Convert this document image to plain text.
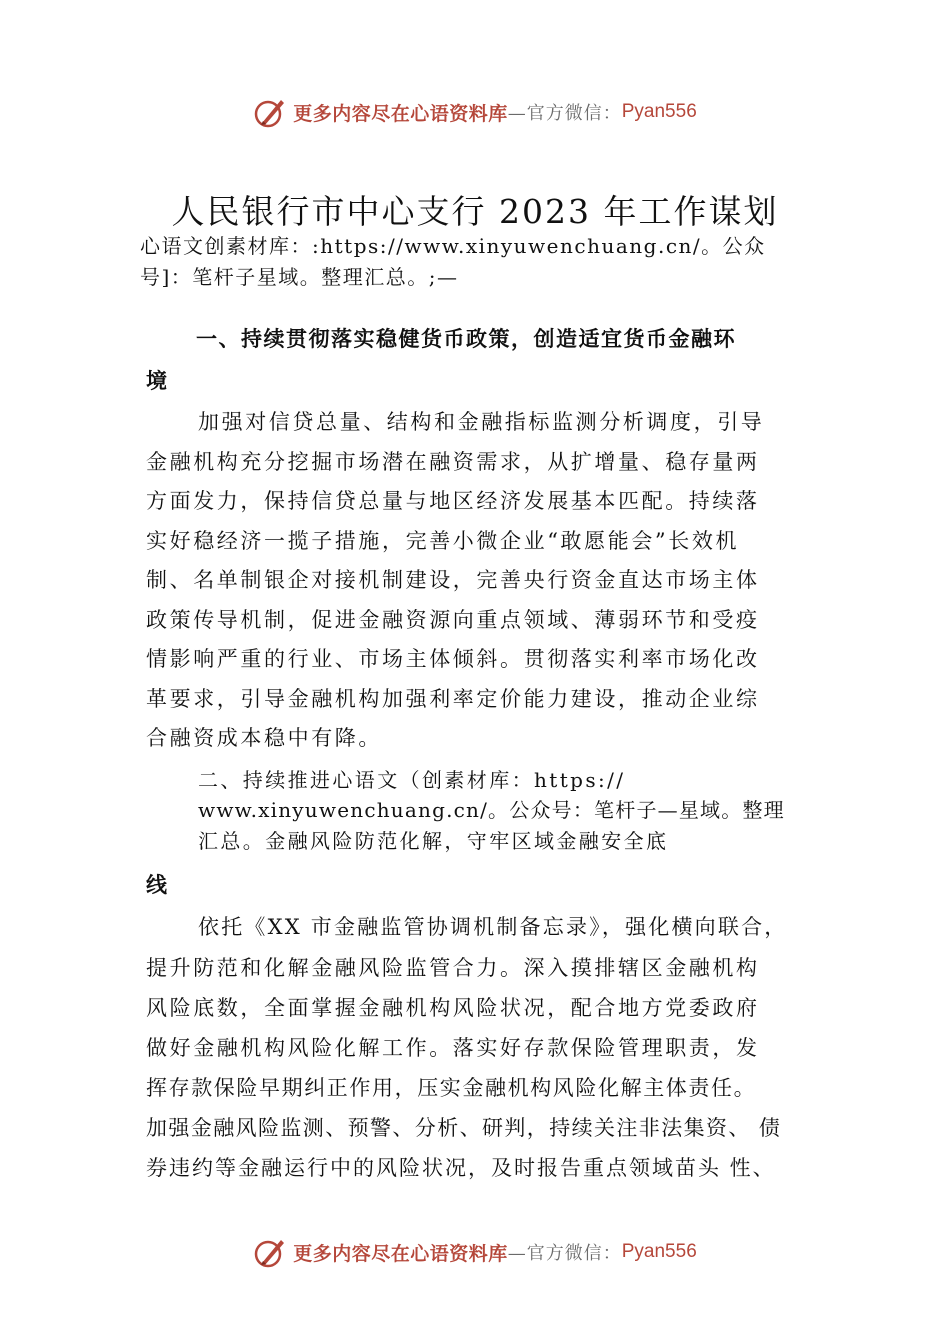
更多内容尽在心语资料库 —官方微信： Pyan556
人民银行市中心支行 2023 年工作谋划
心语文创素材库：:https://www.xinyuwenchuang.cn/。公众
号]：笔杆子星域。整理汇总。;—
一、持续贯彻落实稳健货币政策，创造适宜货币金融环
境
加强对信贷总量、结构和金融指标监测分析调度，引导
金融机构充分挖掘市场潜在融资需求，从扩增量、稳存量两
方面发力，保持信贷总量与地区经济发展基本匹配。持续落
实好稳经济一揽子措施，完善小微企业“敢愿能会”长效机
制、名单制银企对接机制建设，完善央行资金直达市场主体
政策传导机制，促进金融资源向重点领域、薄弱环节和受疫
情影响严重的行业、市场主体倾斜。贯彻落实利率市场化改
革要求，引导金融机构加强利率定价能力建设，推动企业综
合融资成本稳中有降。
二、持续推进心语文（创素材库：https://
www.xinyuwenchuang.cn/。公众号：笔杆子—星域。整理
汇总。金融风险防范化解，守牢区域金融安全底
线
依托《XX 市金融监管协调机制备忘录》，强化横向联合，
提升防范和化解金融风险监管合力。深入摸排辖区金融机构
风险底数，全面掌握金融机构风险状况，配合地方党委政府
做好金融机构风险化解工作。落实好存款保险管理职责，发
挥存款保险早期纠正作用，压实金融机构风险化解主体责任。
加强金融风险监测、预警、分析、研判，持续关注非法集资、 债
券违约等金融运行中的风险状况，及时报告重点领域苗头 性、
更多内容尽在心语资料库 —官方微信： Pyan556
